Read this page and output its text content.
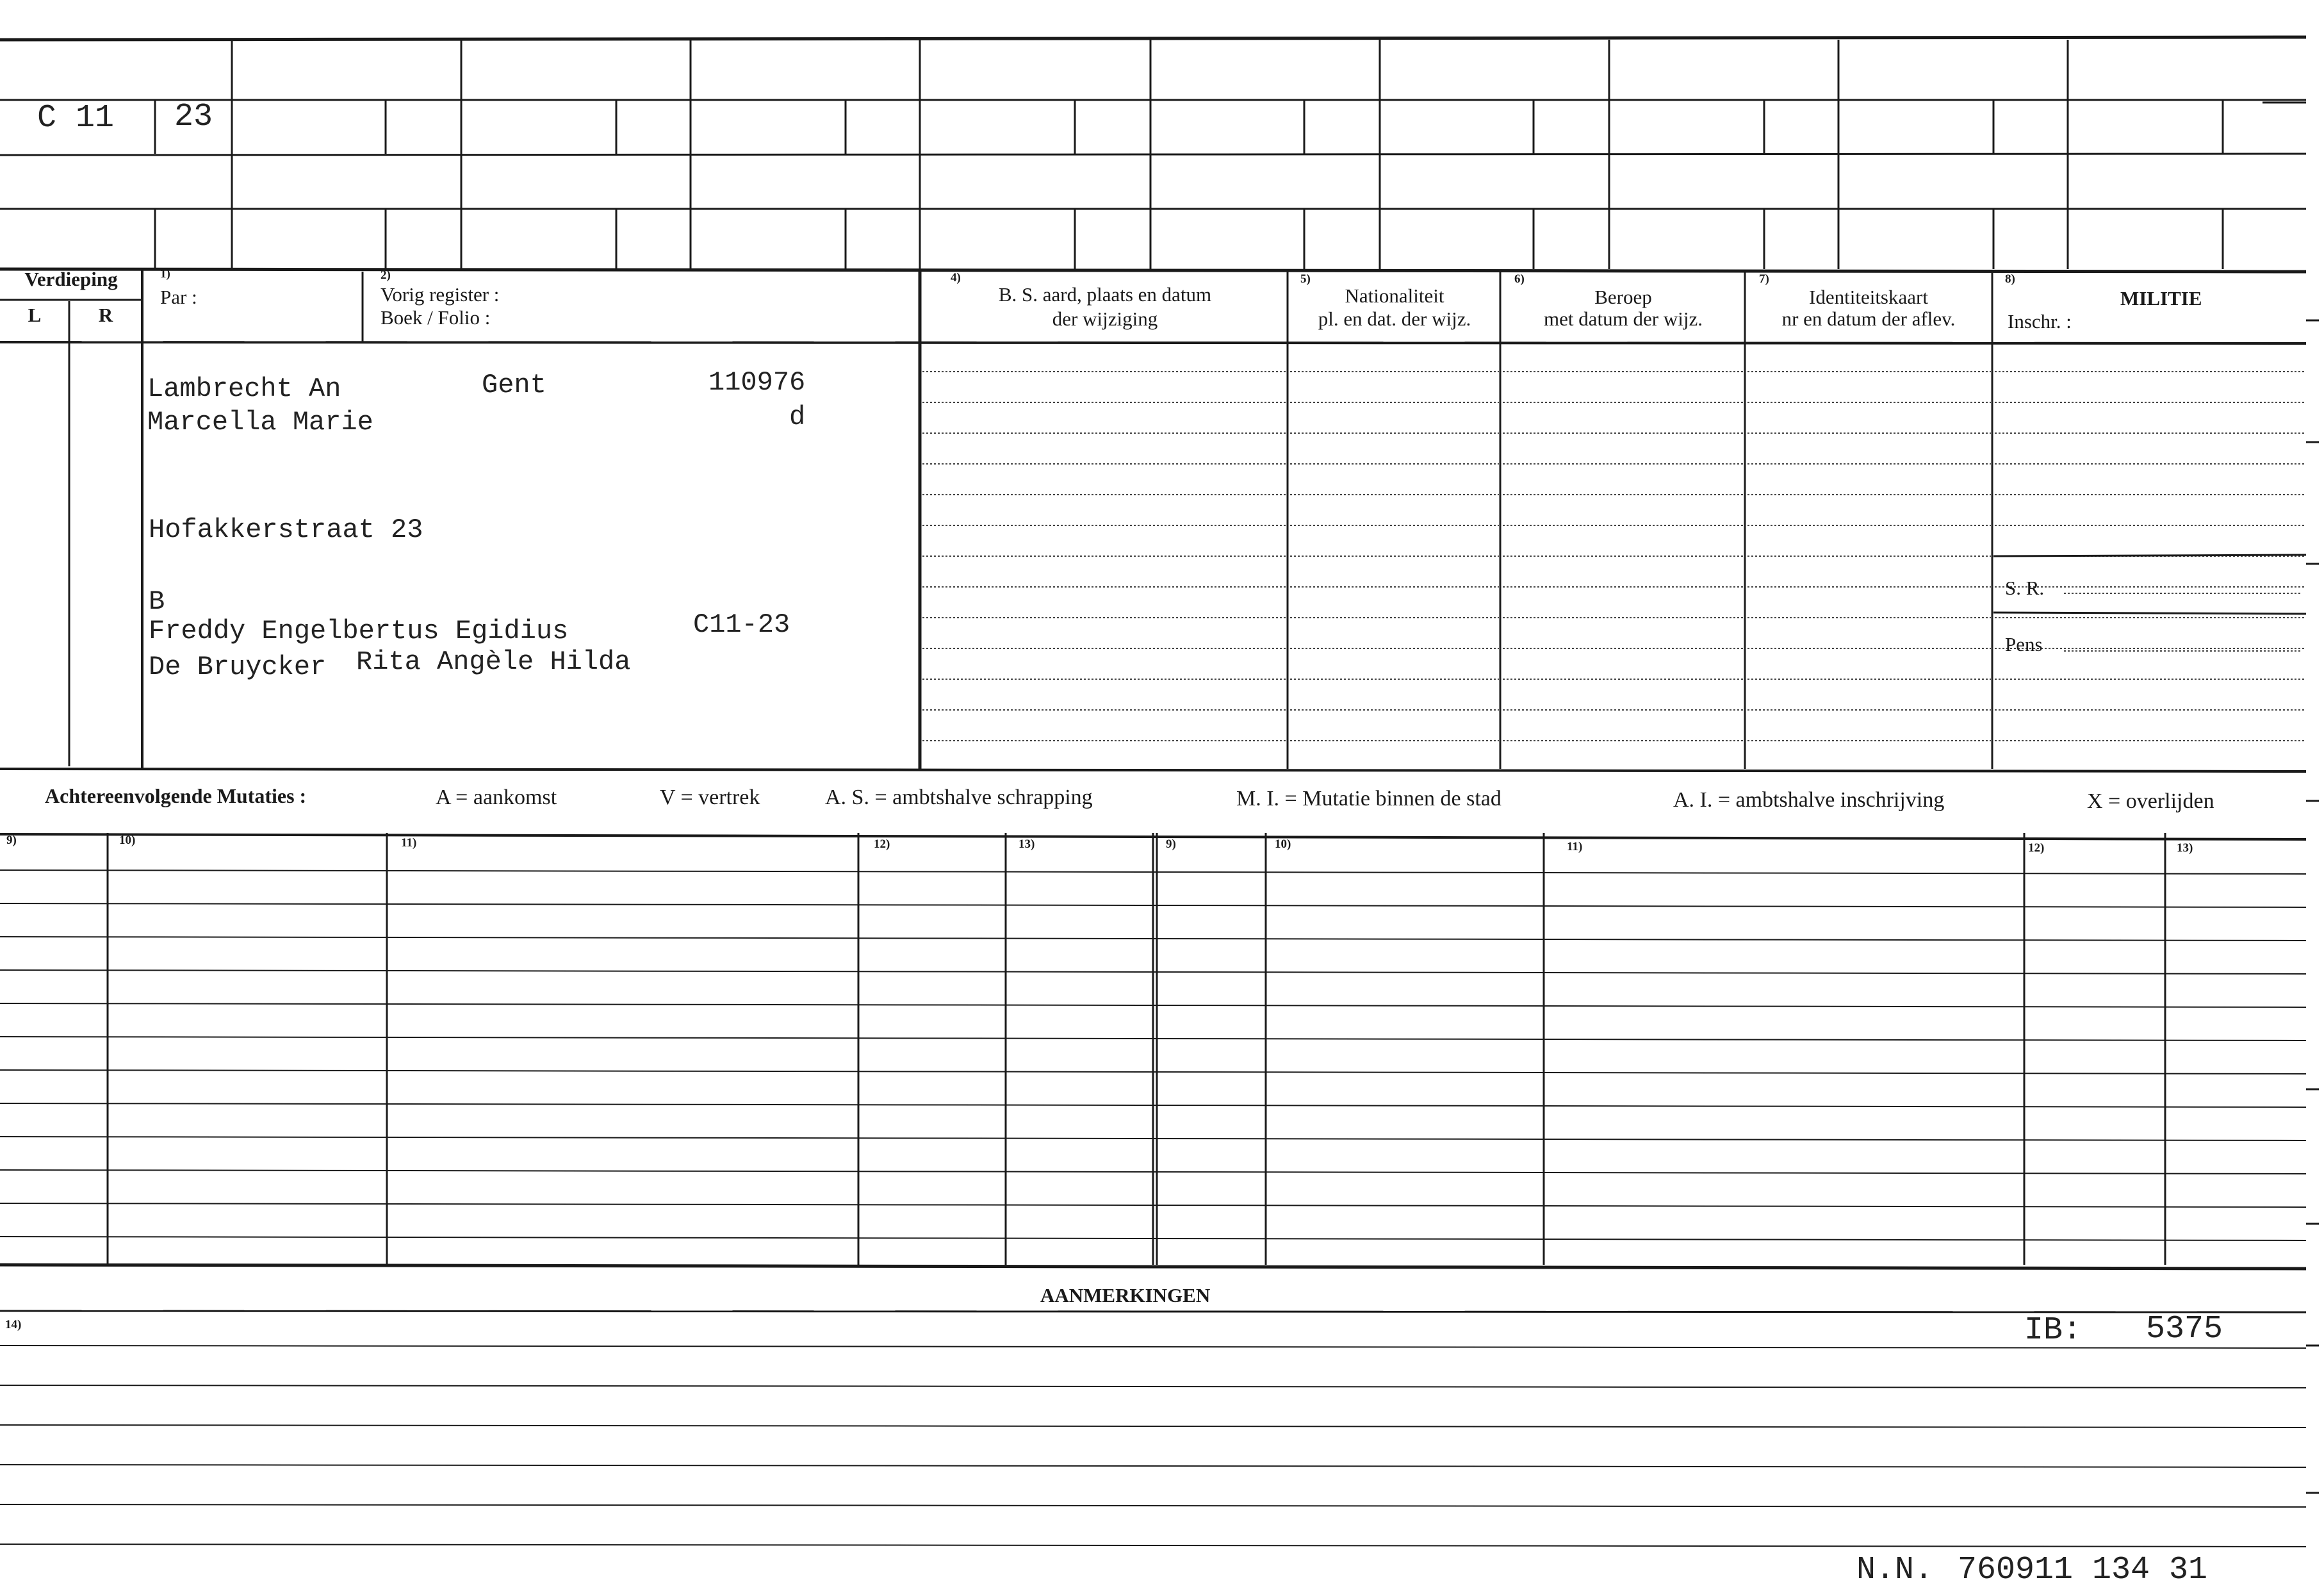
C 11 23
Verdieping
L	R
1)
Par :
2)
Vorig register :
Boek / Folio :
4)
B. S. aard, plaats en datum
der wijziging
5)
Nationaliteit
pl. en dat. der wijz.
6)
Beroep
met datum der wijz.
7)
Identiteitskaart
nr en datum der aflev.
8)
MILITIE
Inschr. :
S. R.
Pens
Lambrecht An	Gent	110976
d
Marcella Marie
Hofakkerstraat 23
B
Freddy Engelbertus Egidius	C11-23
De Bruycker Rita Angèle Hilda
Achtereenvolgende Mutaties :	A = aankomst	V = vertrek	A. S. = ambtshalve schrapping	M. I. = Mutatie binnen de stad	A. I. = ambtshalve inschrijving	X = overlijden
9)	10)	11)	12)	13)	9)	10)	11)	12)	13)
AANMERKINGEN
14)	IB: 5375
N.N. 760911 134 31
